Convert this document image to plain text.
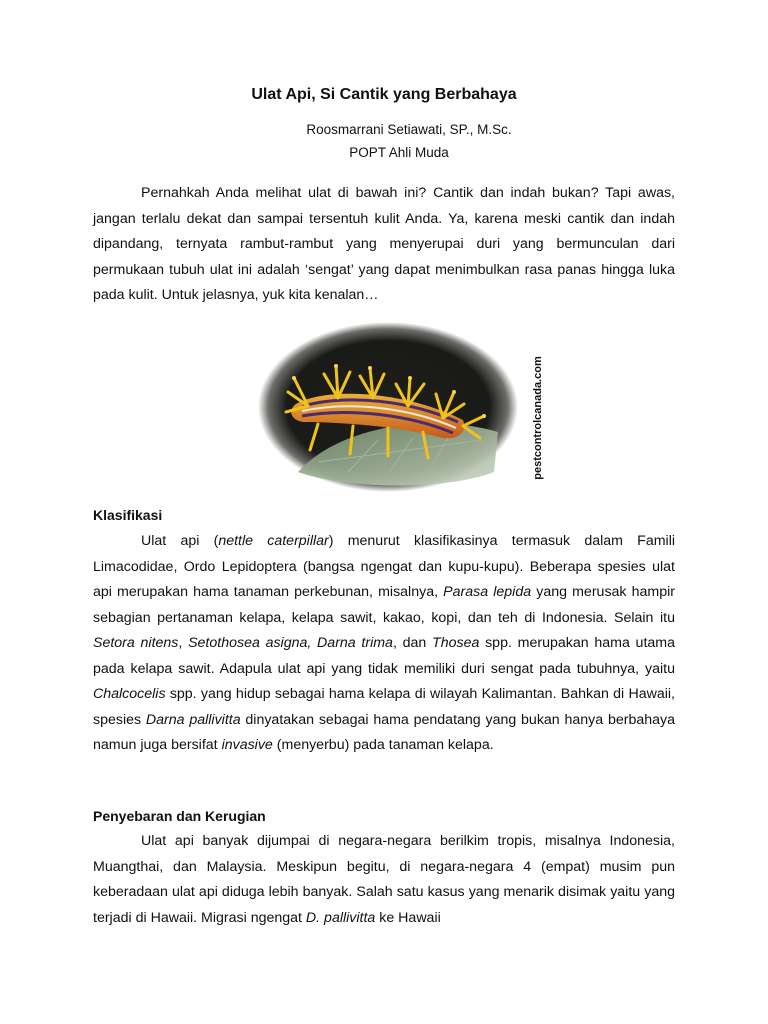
Ulat Api, Si Cantik yang Berbahaya
Roosmarrani Setiawati, SP., M.Sc.
POPT Ahli Muda

Pernahkah Anda melihat ulat di bawah ini? Cantik dan indah bukan? Tapi awas, jangan terlalu dekat dan sampai tersentuh kulit Anda. Ya, karena meski cantik dan indah dipandang, ternyata rambut-rambut yang menyerupai duri yang bermunculan dari permukaan tubuh ulat ini adalah ‘sengat’ yang dapat menimbulkan rasa panas hingga luka pada kulit. Untuk jelasnya, yuk kita kenalan…

pestcontrolcanada.com
Klasifikasi

Ulat api (nettle caterpillar) menurut klasifikasinya termasuk dalam Famili Limacodidae, Ordo Lepidoptera (bangsa ngengat dan kupu-kupu). Beberapa spesies ulat api merupakan hama tanaman perkebunan, misalnya, Parasa lepida yang merusak hampir sebagian pertanaman kelapa, kelapa sawit, kakao, kopi, dan teh di Indonesia. Selain itu Setora nitens, Setothosea asigna, Darna trima, dan Thosea spp. merupakan hama utama pada kelapa sawit. Adapula ulat api yang tidak memiliki duri sengat pada tubuhnya, yaitu Chalcocelis spp. yang hidup sebagai hama kelapa di wilayah Kalimantan. Bahkan di Hawaii, spesies Darna pallivitta dinyatakan sebagai hama pendatang yang bukan hanya berbahaya namun juga bersifat invasive (menyerbu) pada tanaman kelapa.

Penyebaran dan Kerugian

Ulat api banyak dijumpai di negara-negara berilkim tropis, misalnya Indonesia, Muangthai, dan Malaysia. Meskipun begitu, di negara-negara 4 (empat) musim pun keberadaan ulat api diduga lebih banyak. Salah satu kasus yang menarik disimak yaitu yang terjadi di Hawaii. Migrasi ngengat D. pallivitta ke Hawaii
